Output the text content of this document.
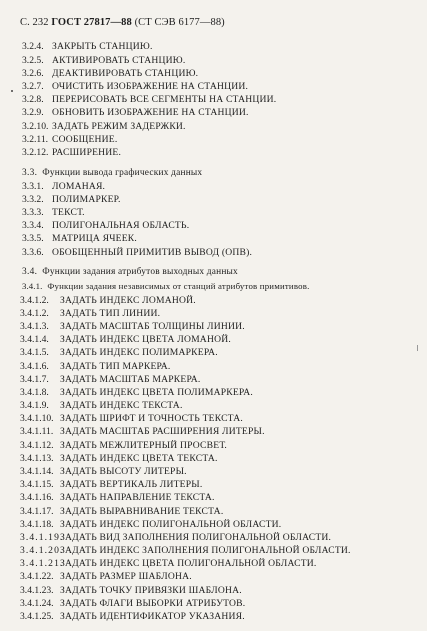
С. 232 ГОСТ 27817—88 (СТ СЭВ 6177—88)
3.2.4. ЗАКРЫТЬ СТАНЦИЮ.
3.2.5. АКТИВИРОВАТЬ СТАНЦИЮ.
3.2.6. ДЕАКТИВИРОВАТЬ СТАНЦИЮ.
3.2.7. ОЧИСТИТЬ ИЗОБРАЖЕНИЕ НА СТАНЦИИ.
3.2.8. ПЕРЕРИСОВАТЬ ВСЕ СЕГМЕНТЫ НА СТАНЦИИ.
3.2.9. ОБНОВИТЬ ИЗОБРАЖЕНИЕ НА СТАНЦИИ.
3.2.10. ЗАДАТЬ РЕЖИМ ЗАДЕРЖКИ.
3.2.11. СООБЩЕНИЕ.
3.2.12. РАСШИРЕНИЕ.
3.3. Функции вывода графических данных
3.3.1. ЛОМАНАЯ.
3.3.2. ПОЛИМАРКЕР.
3.3.3. ТЕКСТ.
3.3.4. ПОЛИГОНАЛЬНАЯ ОБЛАСТЬ.
3.3.5. МАТРИЦА ЯЧЕЕК.
3.3.6. ОБОБЩЕННЫЙ ПРИМИТИВ ВЫВОД (ОПВ).
3.4. Функции задания атрибутов выходных данных
3.4.1. Функции задания независимых от станций атрибутов примитивов.
3.4.1.2. ЗАДАТЬ ИНДЕКС ЛОМАНОЙ.
3.4.1.2. ЗАДАТЬ ТИП ЛИНИИ.
3.4.1.3. ЗАДАТЬ МАСШТАБ ТОЛЩИНЫ ЛИНИИ.
3.4.1.4. ЗАДАТЬ ИНДЕКС ЦВЕТА ЛОМАНОЙ.
3.4.1.5. ЗАДАТЬ ИНДЕКС ПОЛИМАРКЕРА.
3.4.1.6. ЗАДАТЬ ТИП МАРКЕРА.
3.4.1.7. ЗАДАТЬ МАСШТАБ МАРКЕРА.
3.4.1.8. ЗАДАТЬ ИНДЕКС ЦВЕТА ПОЛИМАРКЕРА.
3.4.1.9. ЗАДАТЬ ИНДЕКС ТЕКСТА.
3.4.1.10. ЗАДАТЬ ШРИФТ И ТОЧНОСТЬ ТЕКСТА.
3.4.1.11. ЗАДАТЬ МАСШТАБ РАСШИРЕНИЯ ЛИТЕРЫ.
3.4.1.12. ЗАДАТЬ МЕЖЛИТЕРНЫЙ ПРОСВЕТ.
3.4.1.13. ЗАДАТЬ ИНДЕКС ЦВЕТА ТЕКСТА.
3.4.1.14. ЗАДАТЬ ВЫСОТУ ЛИТЕРЫ.
3.4.1.15. ЗАДАТЬ ВЕРТИКАЛЬ ЛИТЕРЫ.
3.4.1.16. ЗАДАТЬ НАПРАВЛЕНИЕ ТЕКСТА.
3.4.1.17. ЗАДАТЬ ВЫРАВНИВАНИЕ ТЕКСТА.
3.4.1.18. ЗАДАТЬ ИНДЕКС ПОЛИГОНАЛЬНОЙ ОБЛАСТИ.
3.4.1.19.ЗАДАТЬ ВИД ЗАПОЛНЕНИЯ ПОЛИГОНАЛЬНОЙ ОБЛАСТИ.
3.4.1.20.ЗАДАТЬ ИНДЕКС ЗАПОЛНЕНИЯ ПОЛИГОНАЛЬНОЙ ОБЛАСТИ.
3.4.1.21.ЗАДАТЬ ИНДЕКС ЦВЕТА ПОЛИГОНАЛЬНОЙ ОБЛАСТИ.
3.4.1.22. ЗАДАТЬ РАЗМЕР ШАБЛОНА.
3.4.1.23. ЗАДАТЬ ТОЧКУ ПРИВЯЗКИ ШАБЛОНА.
3.4.1.24. ЗАДАТЬ ФЛАГИ ВЫБОРКИ АТРИБУТОВ.
3.4.1.25. ЗАДАТЬ ИДЕНТИФИКАТОР УКАЗАНИЯ.
